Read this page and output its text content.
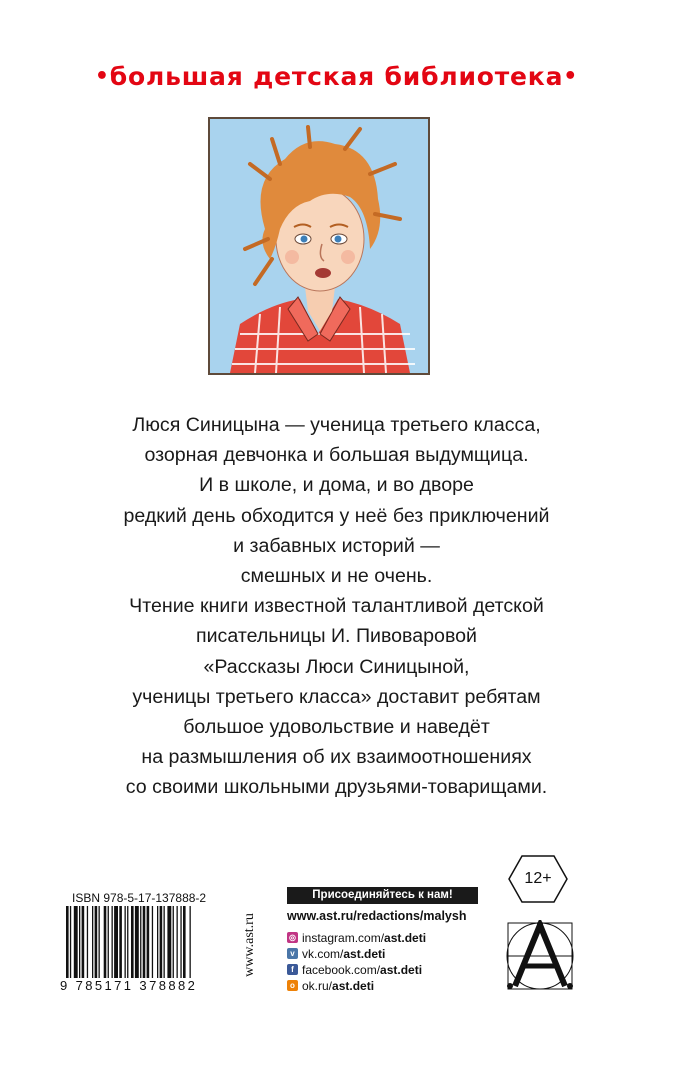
•большая детская библиотека•
Люся Синицына — ученица третьего класса,
озорная девчонка и большая выдумщица.
И в школе, и дома, и во дворе
редкий день обходится у неё без приключений
и забавных историй —
смешных и не очень.
Чтение книги известной талантливой детской
писательницы И. Пивоваровой
«Рассказы Люси Синицыной,
ученицы третьего класса» доставит ребятам
большое удовольствие и наведёт
на размышления об их взаимоотношениях
со своими школьными друзьями-товарищами.
ISBN 978-5-17-137888-2
9 785171 378882
www.ast.ru
Присоединяйтесь к нам!
www.ast.ru/redactions/malysh
◎ instagram.com/ ast.deti
v vk.com/ ast.deti
f facebook.com/ ast.deti
o ok.ru/ ast.deti
12+
